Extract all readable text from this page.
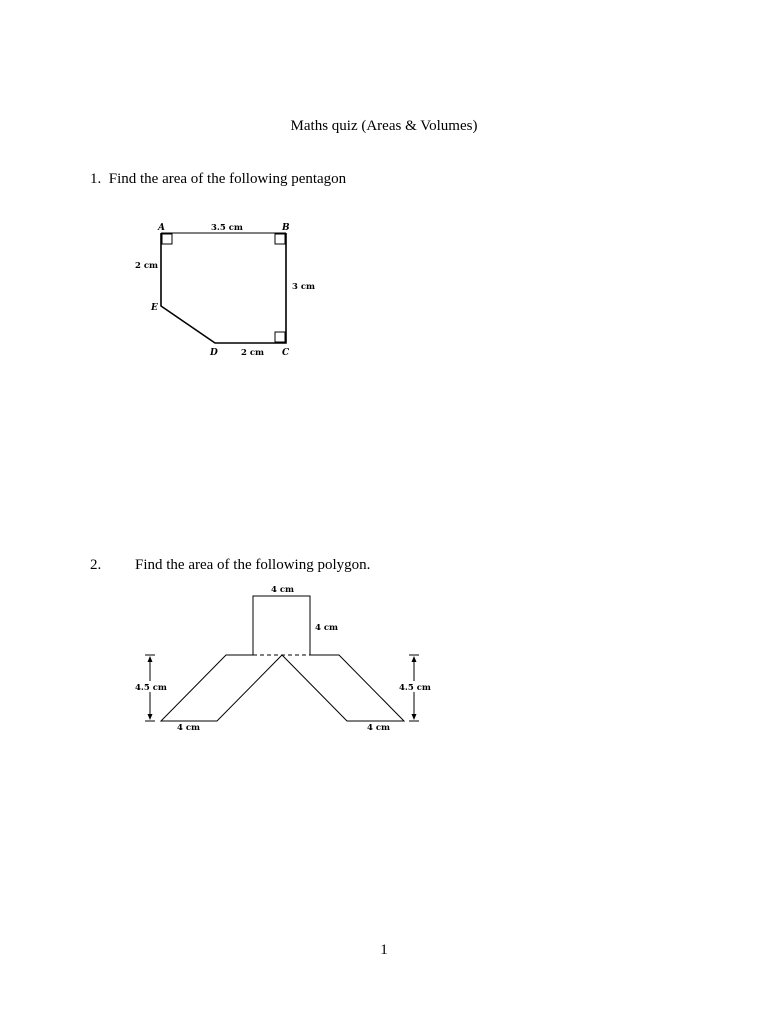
Maths quiz (Areas & Volumes)
1. Find the area of the following pentagon
A	B
C
D
E
3.5 cm
2 cm
3 cm
2 cm
2. Find the area of the following polygon.
4 cm
4 cm
4.5 cm	4.5 cm
4 cm	4 cm
1
